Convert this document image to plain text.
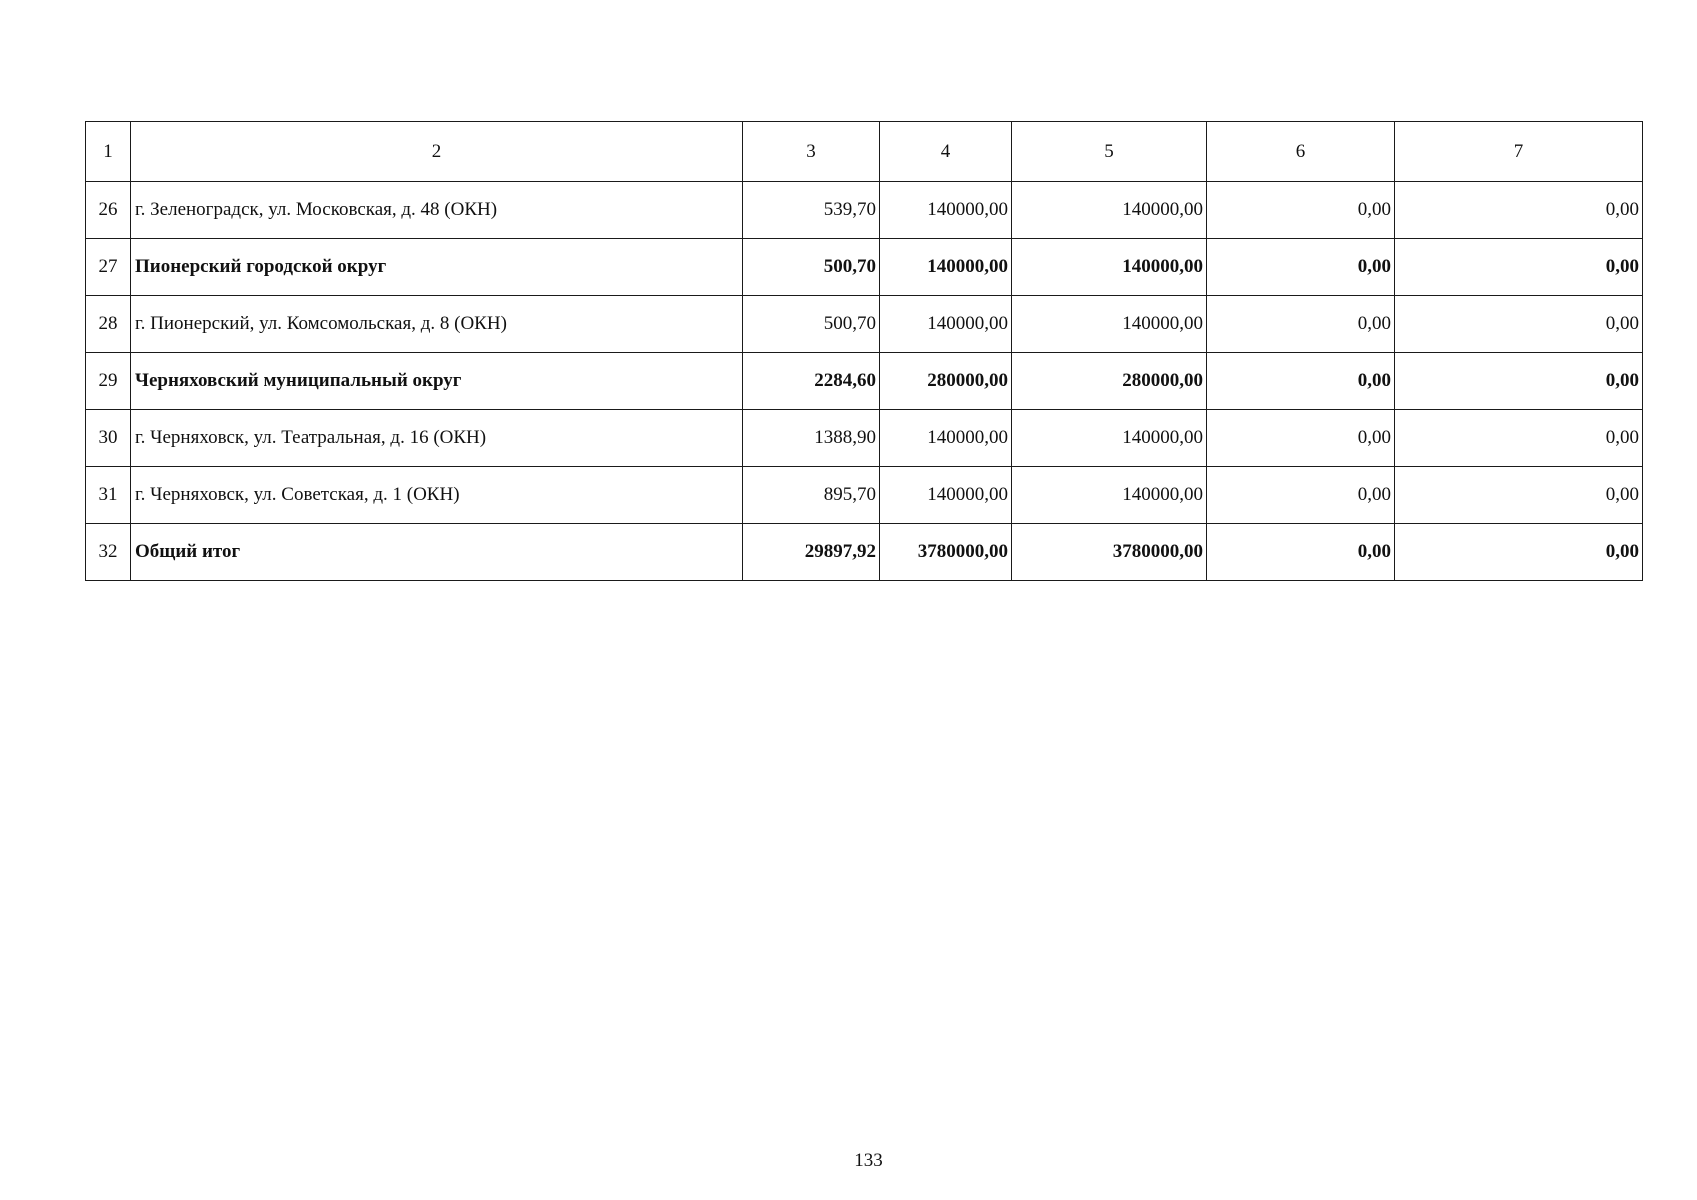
1	2	3	4	5	6	7
26	г. Зеленоградск, ул. Московская, д. 48 (ОКН)	539,70	140000,00	140000,00	0,00	0,00
27	Пионерский городской округ	500,70	140000,00	140000,00	0,00	0,00
28	г. Пионерский, ул. Комсомольская, д. 8 (ОКН)	500,70	140000,00	140000,00	0,00	0,00
29	Черняховский муниципальный округ	2284,60	280000,00	280000,00	0,00	0,00
30	г. Черняховск, ул. Театральная, д. 16 (ОКН)	1388,90	140000,00	140000,00	0,00	0,00
31	г. Черняховск, ул. Советская, д. 1 (ОКН)	895,70	140000,00	140000,00	0,00	0,00
32	Общий итог	29897,92	3780000,00	3780000,00	0,00	0,00
133
